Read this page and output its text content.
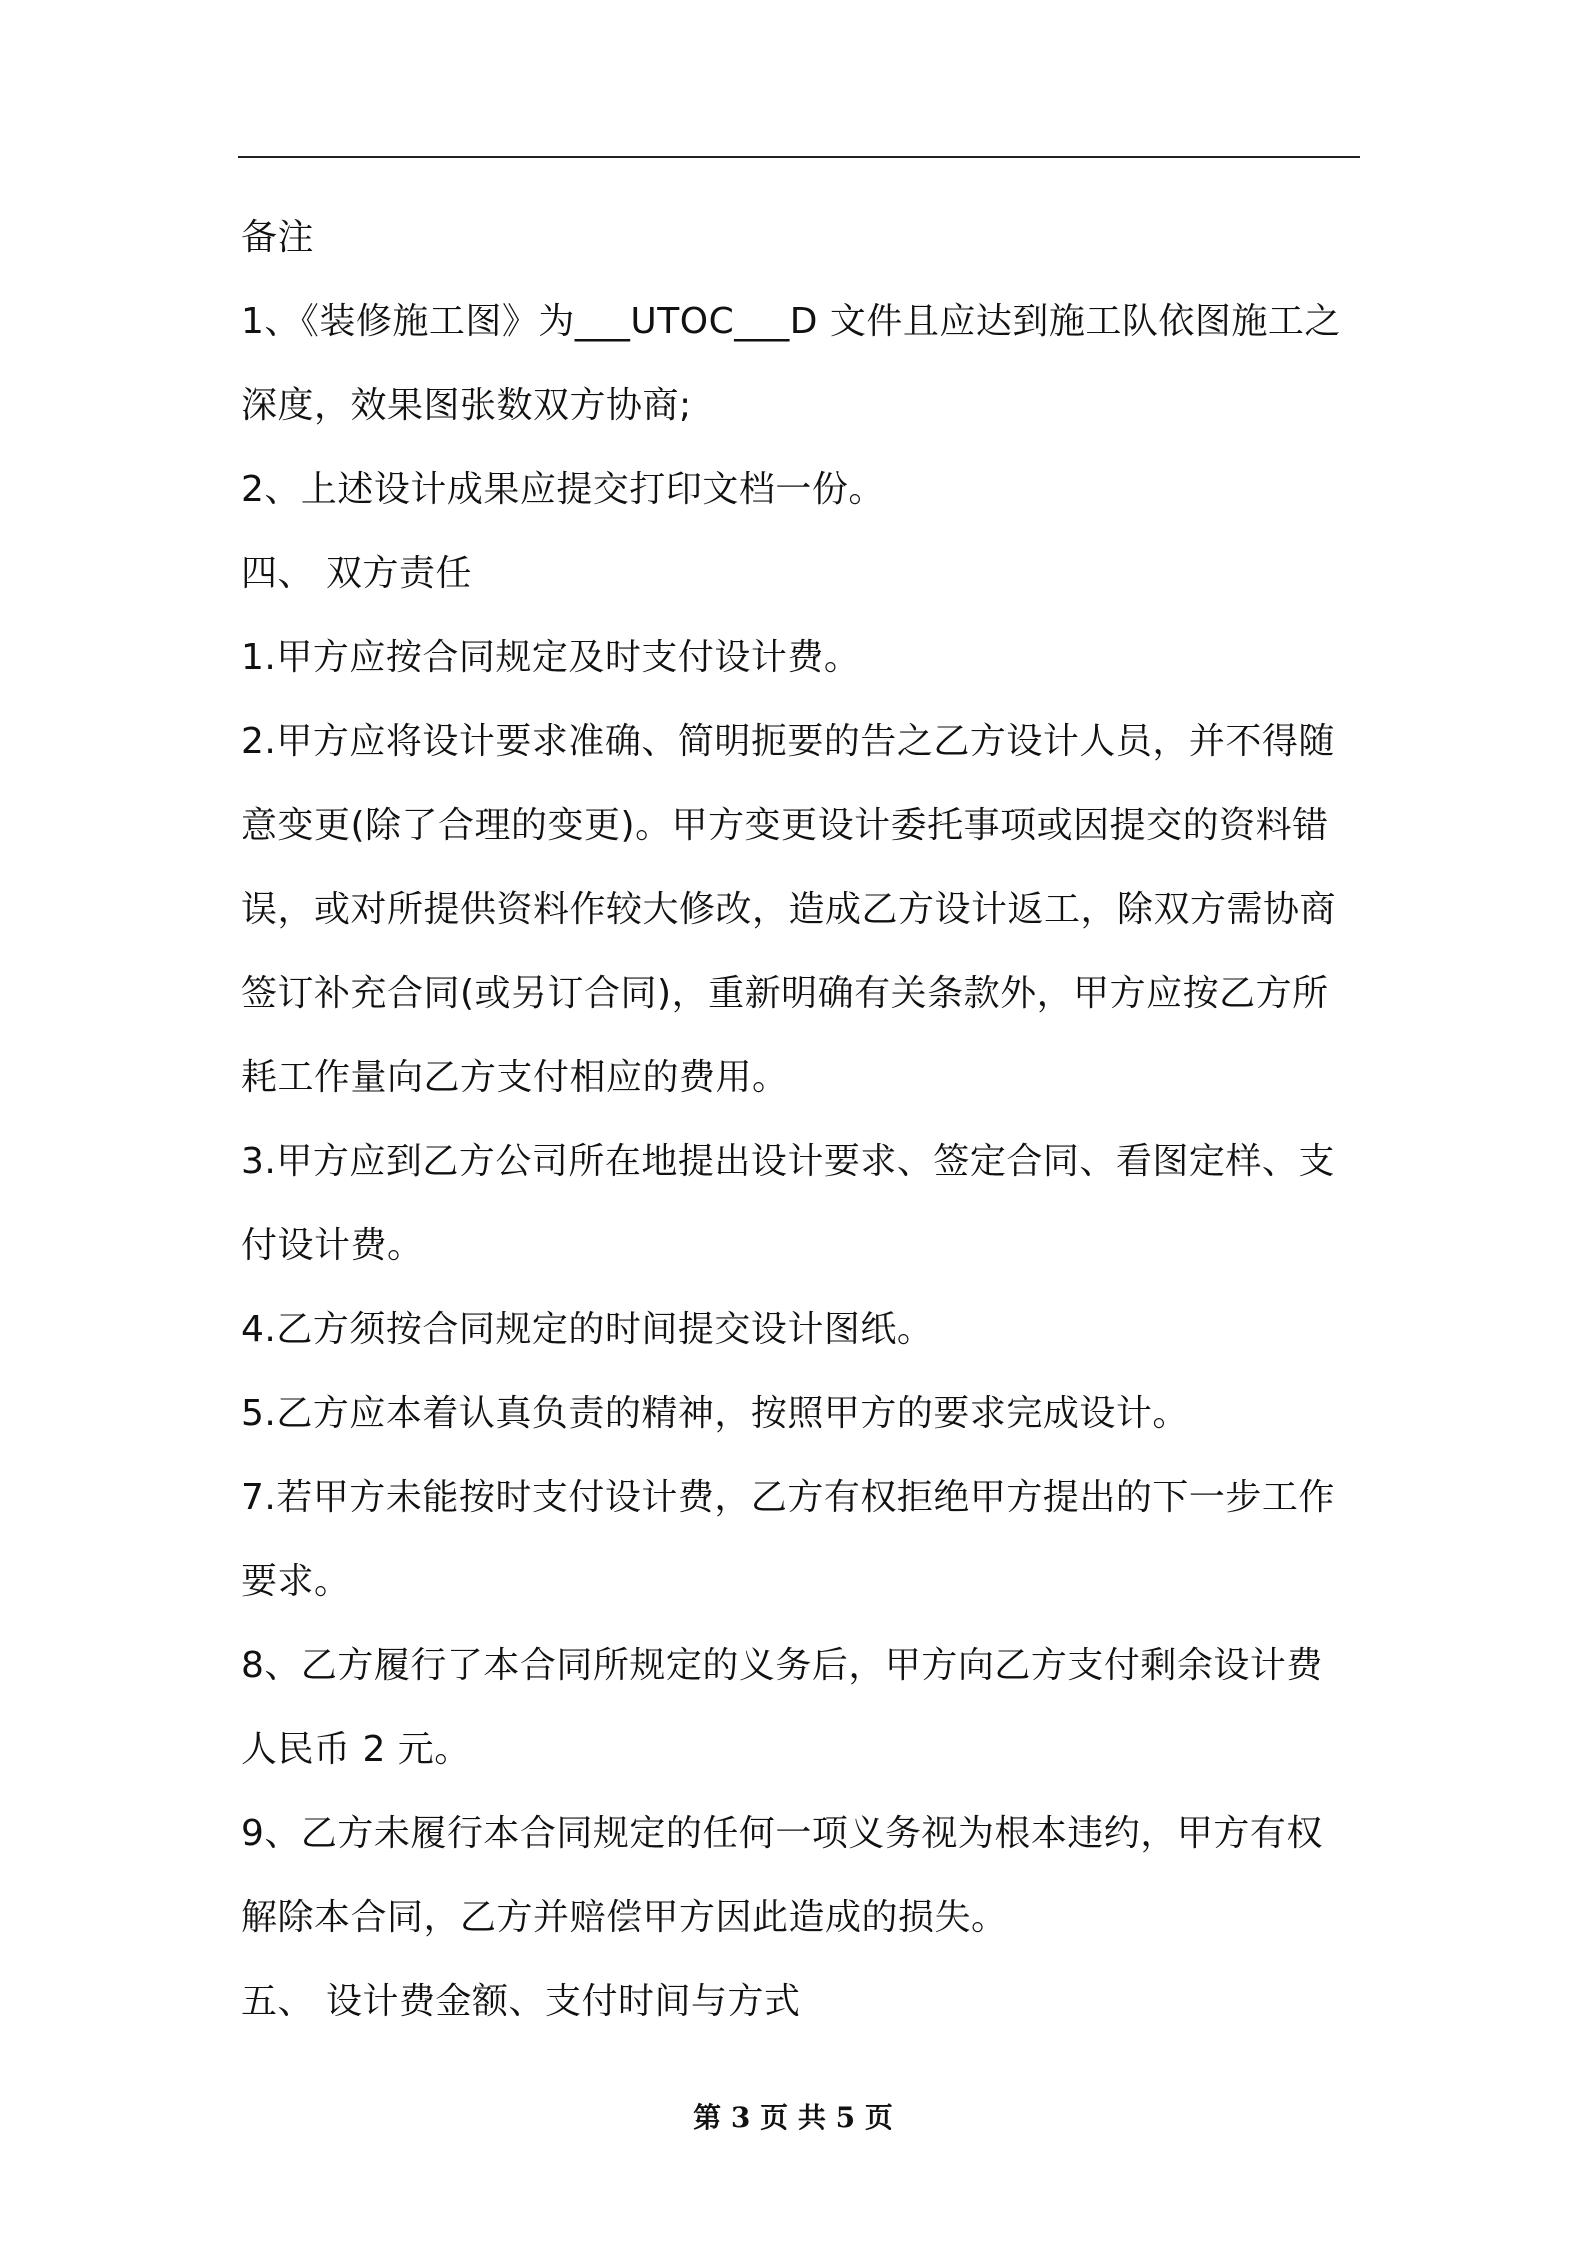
备注
1、《装修施工图》为___UTOC___D 文件且应达到施工队依图施工之
深度，效果图张数双方协商;
2、上述设计成果应提交打印文档一份。
四、 双方责任
1.甲方应按合同规定及时支付设计费。
2.甲方应将设计要求准确、简明扼要的告之乙方设计人员，并不得随
意变更(除了合理的变更)。甲方变更设计委托事项或因提交的资料错
误，或对所提供资料作较大修改，造成乙方设计返工，除双方需协商
签订补充合同(或另订合同)，重新明确有关条款外，甲方应按乙方所
耗工作量向乙方支付相应的费用。
3.甲方应到乙方公司所在地提出设计要求、签定合同、看图定样、支
付设计费。
4.乙方须按合同规定的时间提交设计图纸。
5.乙方应本着认真负责的精神，按照甲方的要求完成设计。
7.若甲方未能按时支付设计费，乙方有权拒绝甲方提出的下一步工作
要求。
8、乙方履行了本合同所规定的义务后，甲方向乙方支付剩余设计费
人民币 2 元。
9、乙方未履行本合同规定的任何一项义务视为根本违约，甲方有权
解除本合同，乙方并赔偿甲方因此造成的损失。
五、 设计费金额、支付时间与方式
第 3 页 共 5 页
